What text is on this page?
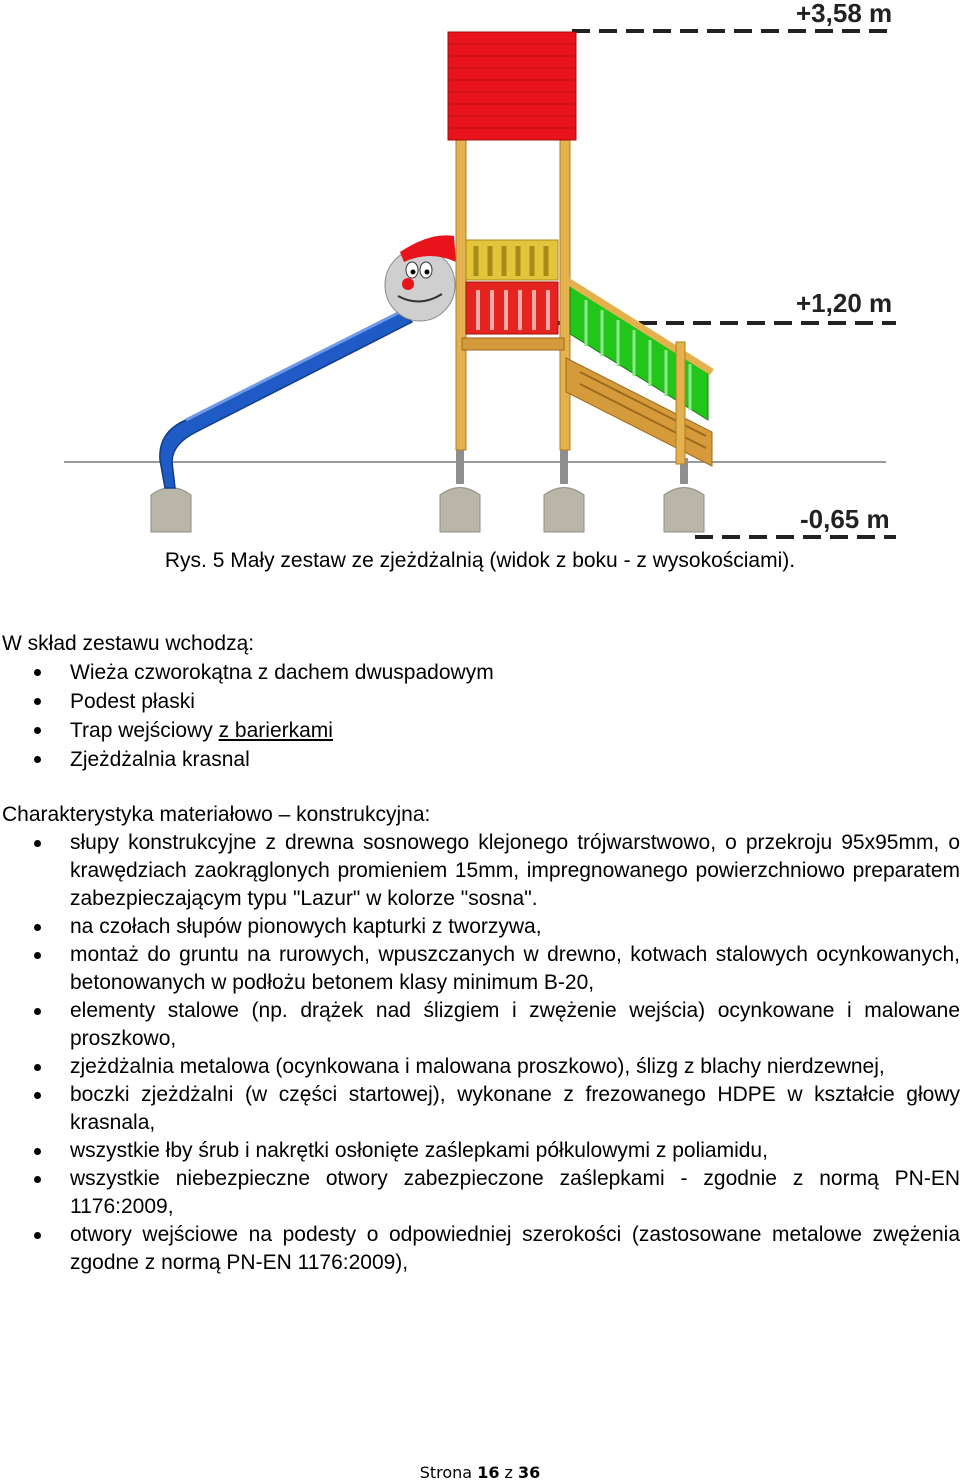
+3,58 m
+1,20 m
-0,65 m
Rys. 5 Mały zestaw ze zjeżdżalnią (widok z boku - z wysokościami).
W skład zestawu wchodzą:
Wieża czworokątna z dachem dwuspadowym
Podest płaski
Trap wejściowy z barierkami
Zjeżdżalnia krasnal
Charakterystyka materiałowo – konstrukcyjna:
słupy konstrukcyjne z drewna sosnowego klejonego trójwarstwowo, o przekroju 95x95mm, o krawędziach zaokrąglonych promieniem 15mm, impregnowanego powierzchniowo preparatem zabezpieczającym typu "Lazur" w kolorze "sosna".
na czołach słupów pionowych kapturki z tworzywa,
montaż do gruntu na rurowych, wpuszczanych w drewno, kotwach stalowych ocynkowanych, betonowanych w podłożu betonem klasy minimum B-20,
elementy stalowe (np. drążek nad ślizgiem i zwężenie wejścia) ocynkowane i malowane proszkowo,
zjeżdżalnia metalowa (ocynkowana i malowana proszkowo), ślizg z blachy nierdzewnej,
boczki zjeżdżalni (w części startowej), wykonane z frezowanego HDPE w kształcie głowy krasnala,
wszystkie łby śrub i nakrętki osłonięte zaślepkami półkulowymi z poliamidu,
wszystkie niebezpieczne otwory zabezpieczone zaślepkami - zgodnie z normą PN-EN 1176:2009,
otwory wejściowe na podesty o odpowiedniej szerokości (zastosowane metalowe zwężenia zgodne z normą PN-EN 1176:2009),
Strona 16 z 36
